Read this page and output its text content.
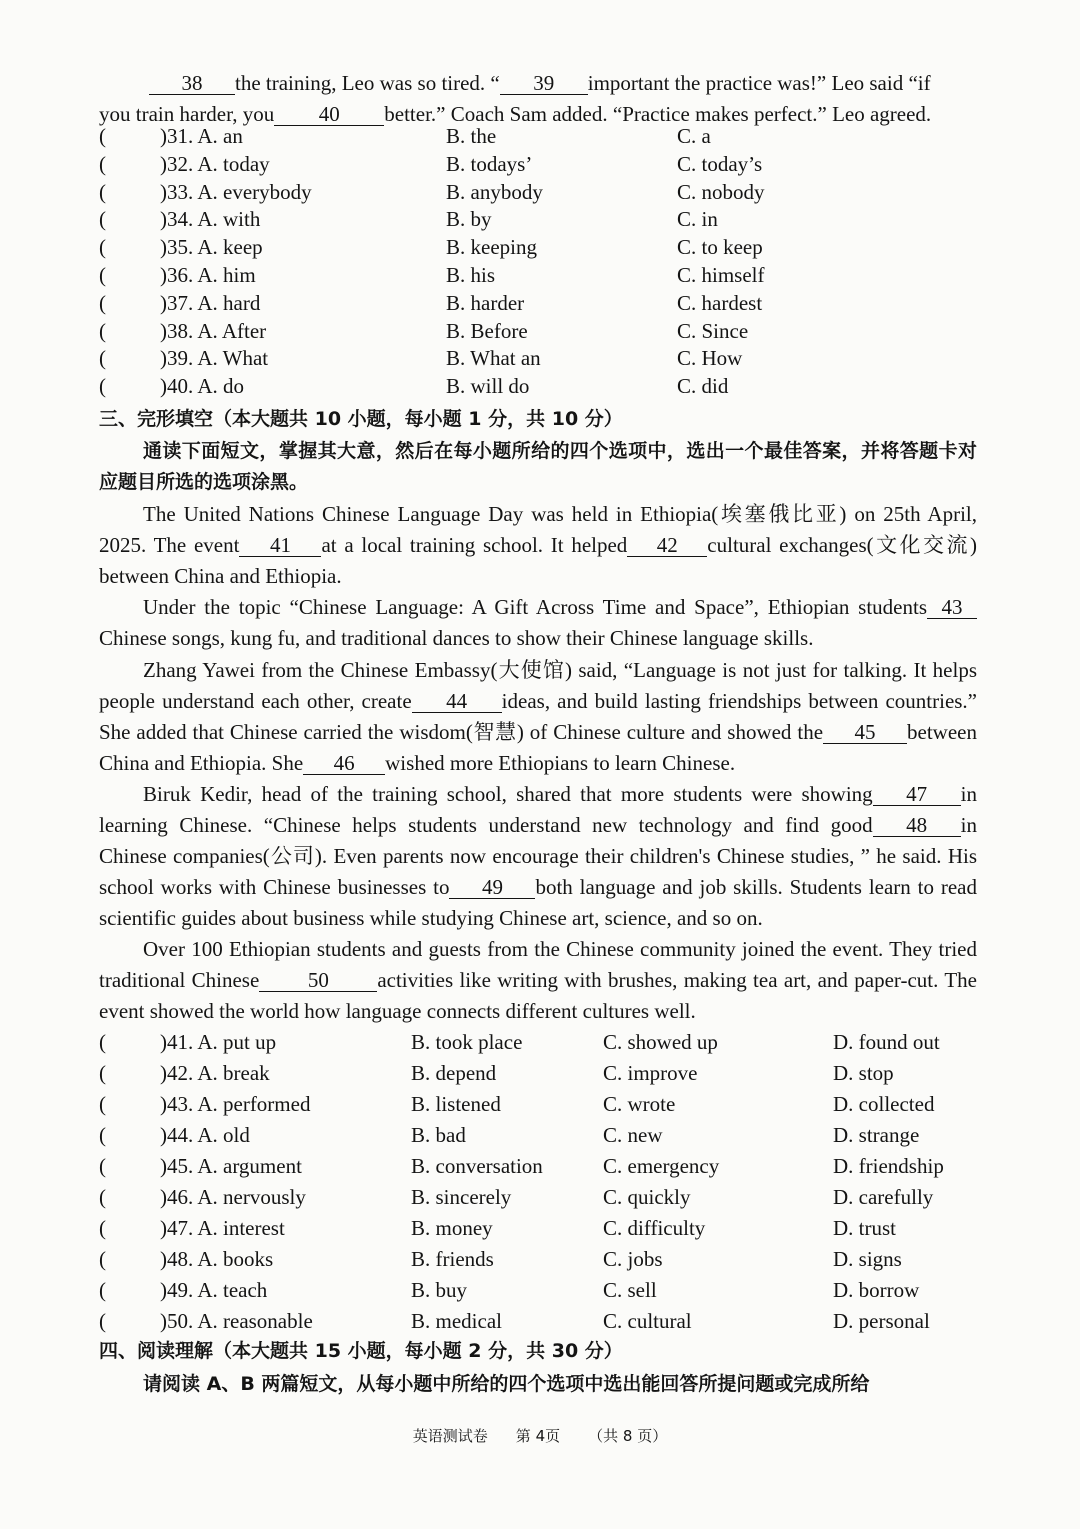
38 the training, Leo was so tired. “ 39 important the practice was!” Leo said “if
you train harder, you 40 better.” Coach Sam added. “Practice makes perfect.” Leo agreed.
(	)31. A. an	B. the	C. a
(	)32. A. today	B. todays’	C. today’s
(	)33. A. everybody	B. anybody	C. nobody
(	)34. A. with	B. by	C. in
(	)35. A. keep	B. keeping	C. to keep
(	)36. A. him	B. his	C. himself
(	)37. A. hard	B. harder	C. hardest
(	)38. A. After	B. Before	C. Since
(	)39. A. What	B. What an	C. How
(	)40. A. do	B. will do	C. did
三、完形填空（本大题共 10 小题，每小题 1 分，共 10 分）
通读下面短文，掌握其大意，然后在每小题所给的四个选项中，选出一个最佳答案，并将答题卡对应题目所选的选项涂黑。
The United Nations Chinese Language Day was held in Ethiopia(埃塞俄比亚) on 25th April, 2025. The event 41 at a local training school. It helped 42 cultural exchanges(文化交流) between China and Ethiopia.
Under the topic “Chinese Language: A Gift Across Time and Space”, Ethiopian students 43 Chinese songs, kung fu, and traditional dances to show their Chinese language skills.
Zhang Yawei from the Chinese Embassy(大使馆) said, “Language is not just for talking. It helps people understand each other, create 44 ideas, and build lasting friendships between countries.” She added that Chinese carried the wisdom(智慧) of Chinese culture and showed the 45 between China and Ethiopia. She 46 wished more Ethiopians to learn Chinese.
Biruk Kedir, head of the training school, shared that more students were showing 47 in learning Chinese. “Chinese helps students understand new technology and find good 48 in Chinese companies(公司). Even parents now encourage their children's Chinese studies, ” he said. His school works with Chinese businesses to 49 both language and job skills. Students learn to read scientific guides about business while studying Chinese art, science, and so on.
Over 100 Ethiopian students and guests from the Chinese community joined the event. They tried traditional Chinese 50 activities like writing with brushes, making tea art, and paper-cut. The event showed the world how language connects different cultures well.
(	)41. A. put up	B. took place	C. showed up	D. found out
(	)42. A. break	B. depend	C. improve	D. stop
(	)43. A. performed	B. listened	C. wrote	D. collected
(	)44. A. old	B. bad	C. new	D. strange
(	)45. A. argument	B. conversation	C. emergency	D. friendship
(	)46. A. nervously	B. sincerely	C. quickly	D. carefully
(	)47. A. interest	B. money	C. difficulty	D. trust
(	)48. A. books	B. friends	C. jobs	D. signs
(	)49. A. teach	B. buy	C. sell	D. borrow
(	)50. A. reasonable	B. medical	C. cultural	D. personal
四、阅读理解（本大题共 15 小题，每小题 2 分，共 30 分）
请阅读 A、B 两篇短文，从每小题中所给的四个选项中选出能回答所提问题或完成所给
英语测试卷 第 4页 （共 8 页）
